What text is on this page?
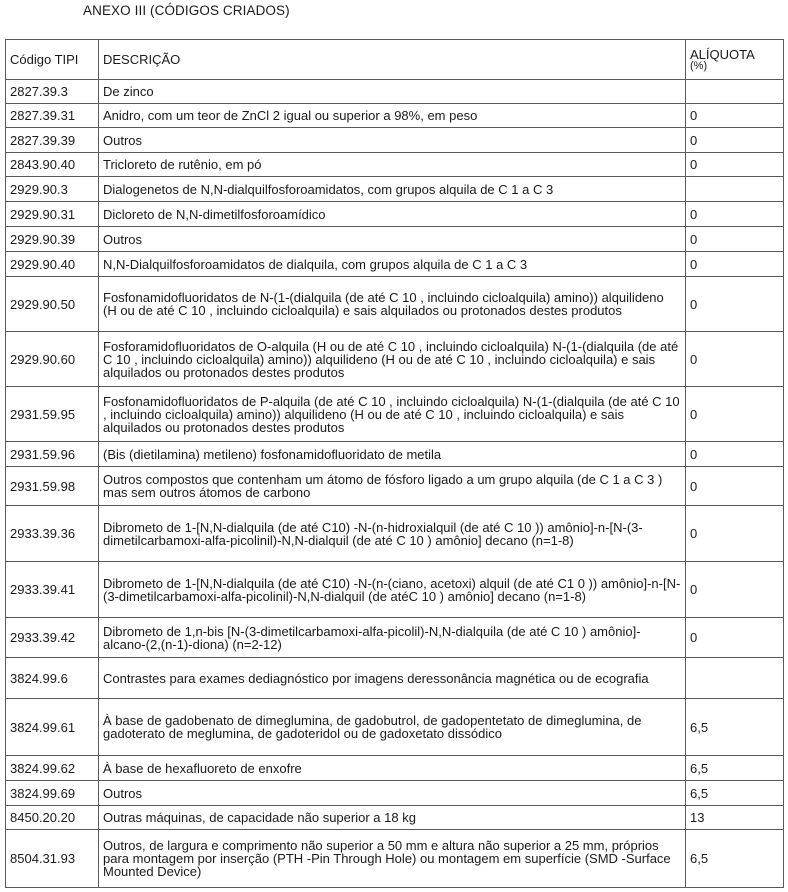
ANEXO III (CÓDIGOS CRIADOS)
Código TIPI	DESCRIÇÃO	ALÍQUOTA
(%)

2827.39.3	De zinco	
2827.39.31	Anidro, com um teor de ZnCl 2 igual ou superior a 98%, em peso	0
2827.39.39	Outros	0
2843.90.40	Tricloreto de rutênio, em pó	0
2929.90.3	Dialogenetos de N,N-dialquilfosforoamidatos, com grupos alquila de C 1 a C 3	
2929.90.31	Dicloreto de N,N-dimetilfosforoamídico	0
2929.90.39	Outros	0
2929.90.40	N,N-Dialquilfosforoamidatos de dialquila, com grupos alquila de C 1 a C 3	0
2929.90.50	Fosfonamidofluoridatos de N-(1-(dialquila (de até C 10 , incluindo cicloalquila) amino)) alquilideno (H ou de até C 10 , incluindo cicloalquila) e sais alquilados ou protonados destes produtos	0
2929.90.60	Fosforamidofluoridatos de O-alquila (H ou de até C 10 , incluindo cicloalquila) N-(1-(dialquila (de até C 10 , incluindo cicloalquila) amino)) alquilideno (H ou de até C 10 , incluindo cicloalquila) e sais alquilados ou protonados destes produtos	0
2931.59.95	Fosfonamidofluoridatos de P-alquila (de até C 10 , incluindo cicloalquila) N-(1-(dialquila (de até C 10 , incluindo cicloalquila) amino)) alquilideno (H ou de até C 10 , incluindo cicloalquila) e sais alquilados ou protonados destes produtos	0
2931.59.96	(Bis (dietilamina) metileno) fosfonamidofluoridato de metila	0
2931.59.98	Outros compostos que contenham um átomo de fósforo ligado a um grupo alquila (de C 1 a C 3 ) mas sem outros átomos de carbono	0
2933.39.36	Dibrometo de 1-[N,N-dialquila (de até C10) -N-(n-hidroxialquil (de até C 10 )) amônio]-n-[N-(3-dimetilcarbamoxi-alfa-picolinil)-N,N-dialquil (de até C 10 ) amônio] decano (n=1-8)	0
2933.39.41	Dibrometo de 1-[N,N-dialquila (de até C10) -N-(n-(ciano, acetoxi) alquil (de até C1 0 )) amônio]-n-[N-(3-dimetilcarbamoxi-alfa-picolinil)-N,N-dialquil (de atéC 10 ) amônio] decano (n=1-8)	0
2933.39.42	Dibrometo de 1,n-bis [N-(3-dimetilcarbamoxi-alfa-picolil)-N,N-dialquila (de até C 10 ) amônio]-alcano-(2,(n-1)-diona) (n=2-12)	0
3824.99.6	Contrastes para exames dediagnóstico por imagens deressonância magnética ou de ecografia	
3824.99.61	À base de gadobenato de dimeglumina, de gadobutrol, de gadopentetato de dimeglumina, de gadoterato de meglumina, de gadoteridol ou de gadoxetato dissódico	6,5
3824.99.62	À base de hexafluoreto de enxofre	6,5
3824.99.69	Outros	6,5
8450.20.20	Outras máquinas, de capacidade não superior a 18 kg	13
8504.31.93	Outros, de largura e comprimento não superior a 50 mm e altura não superior a 25 mm, próprios para montagem por inserção (PTH -Pin Through Hole) ou montagem em superfície (SMD -Surface Mounted Device)	6,5
